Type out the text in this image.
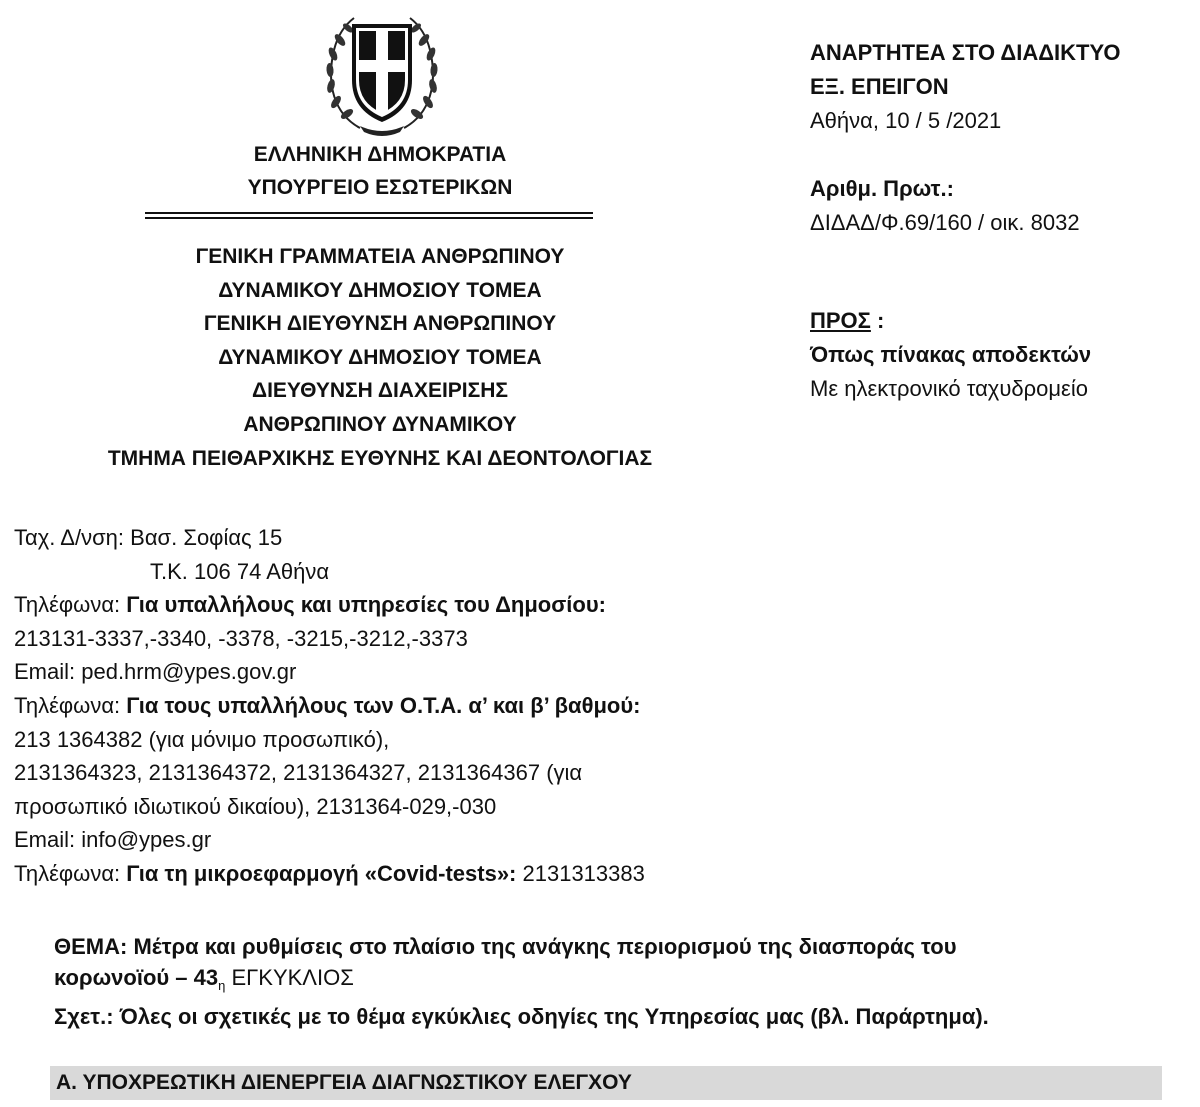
ΕΛΛΗΝΙΚΗ ΔΗΜΟΚΡΑΤΙΑ
ΥΠΟΥΡΓΕΙΟ ΕΣΩΤΕΡΙΚΩΝ
ΓΕΝΙΚΗ ΓΡΑΜΜΑΤΕΙΑ ΑΝΘΡΩΠΙΝΟΥ
ΔΥΝΑΜΙΚΟΥ ΔΗΜΟΣΙΟΥ ΤΟΜΕΑ
ΓΕΝΙΚΗ ΔΙΕΥΘΥΝΣΗ ΑΝΘΡΩΠΙΝΟΥ
ΔΥΝΑΜΙΚΟΥ ΔΗΜΟΣΙΟΥ ΤΟΜΕΑ
ΔΙΕΥΘΥΝΣΗ ΔΙΑΧΕΙΡΙΣΗΣ
ΑΝΘΡΩΠΙΝΟΥ ΔΥΝΑΜΙΚΟΥ
ΤΜΗΜΑ ΠΕΙΘΑΡΧΙΚΗΣ ΕΥΘΥΝΗΣ ΚΑΙ ΔΕΟΝΤΟΛΟΓΙΑΣ
ΑΝΑΡΤΗΤΕΑ ΣΤΟ ΔΙΑΔΙΚΤΥΟ
ΕΞ. ΕΠΕΙΓΟΝ
Αθήνα, 10 / 5 /2021
Αριθμ. Πρωτ.:
ΔΙΔΑΔ/Φ.69/160 / οικ. 8032
ΠΡΟΣ :
Όπως πίνακας αποδεκτών
Με ηλεκτρονικό ταχυδρομείο
Ταχ. Δ/νση: Βασ. Σοφίας 15
Τ.Κ. 106 74 Αθήνα
Τηλέφωνα: Για υπαλλήλους και υπηρεσίες του Δημοσίου:
213131-3337,-3340, -3378, -3215,-3212,-3373
Email: ped.hrm@ypes.gov.gr
Τηλέφωνα: Για τους υπαλλήλους των Ο.Τ.Α. α’ και β’ βαθμού:
213 1364382 (για μόνιμο προσωπικό),
2131364323, 2131364372, 2131364327, 2131364367 (για
προσωπικό ιδιωτικού δικαίου), 2131364-029,-030
Email: info@ypes.gr
Τηλέφωνα: Για τη μικροεφαρμογή «Covid-tests»: 2131313383
ΘΕΜΑ: Μέτρα και ρυθμίσεις στο πλαίσιο της ανάγκης περιορισμού της διασποράς του
κορωνοϊού – $43_\eta$ ΕΓΚΥΚΛΙΟΣ
Σχετ.: Όλες οι σχετικές με το θέμα εγκύκλιες οδηγίες της Υπηρεσίας μας (βλ. Παράρτημα).
Α. ΥΠΟΧΡΕΩΤΙΚΗ ΔΙΕΝΕΡΓΕΙΑ ΔΙΑΓΝΩΣΤΙΚΟΥ ΕΛΕΓΧΟΥ
